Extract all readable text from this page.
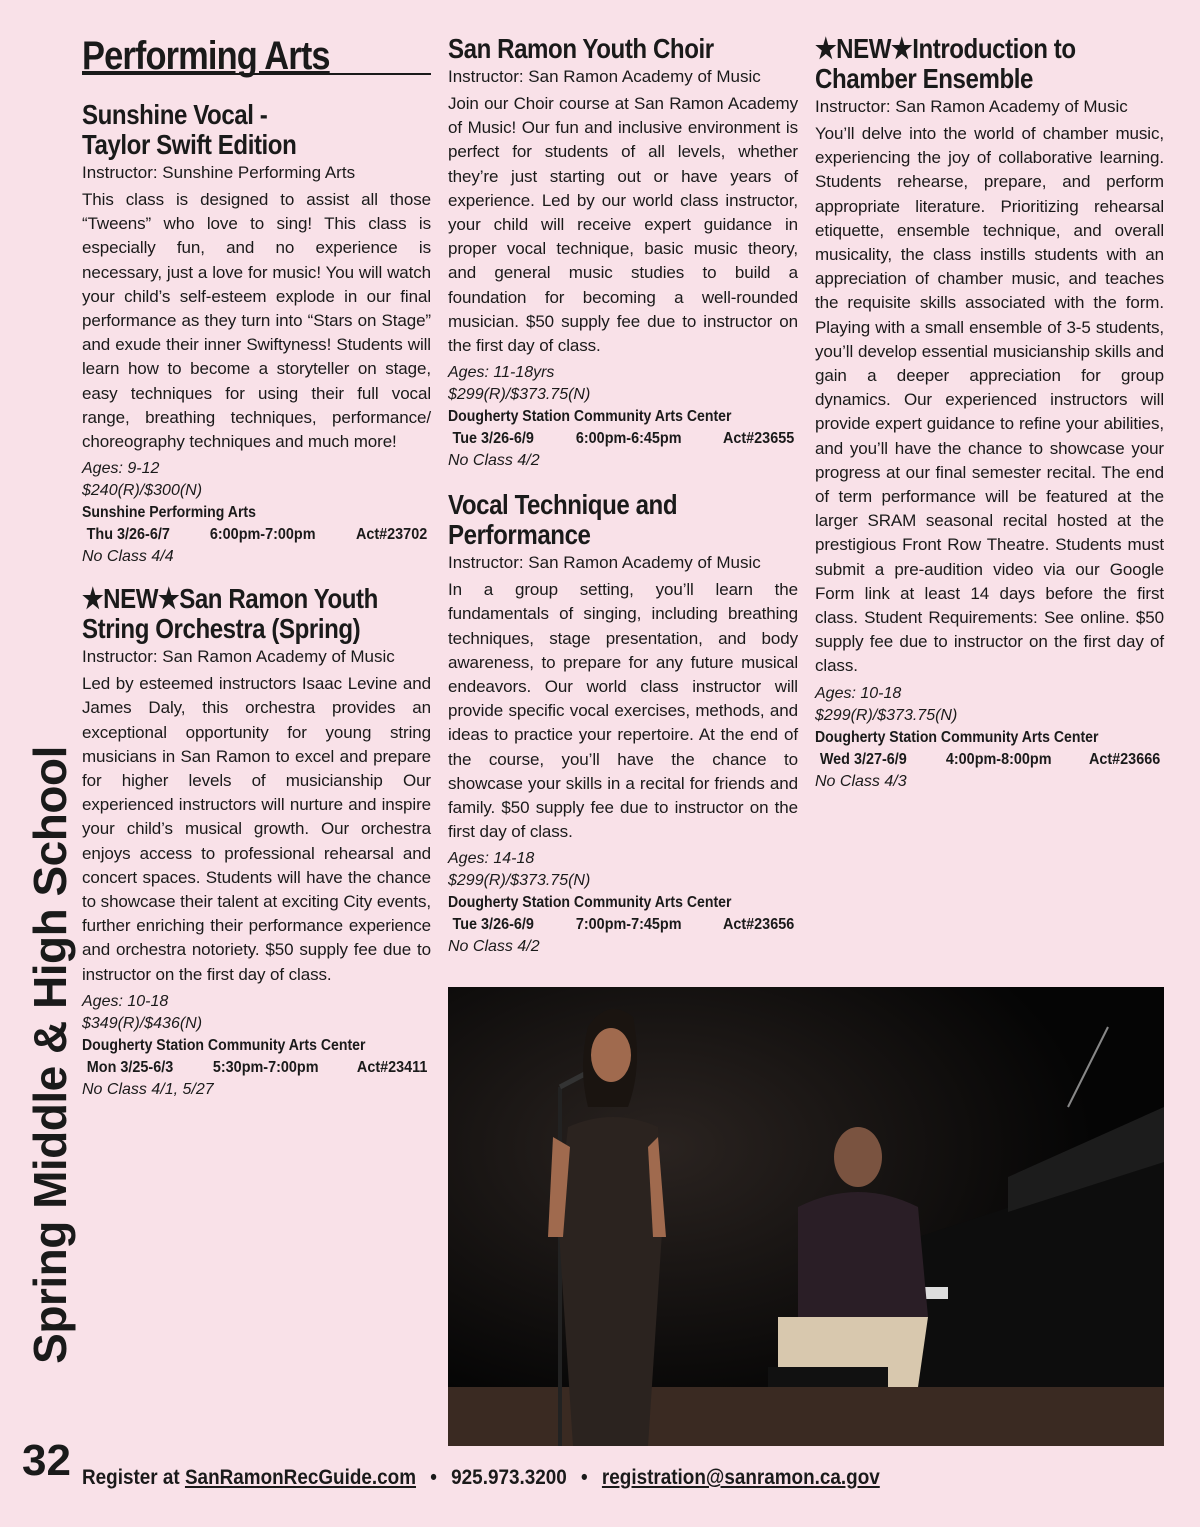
Performing Arts
Sunshine Vocal -
Taylor Swift Edition
Instructor: Sunshine Performing Arts

This class is designed to assist all those “Tweens” who love to sing! This class is especially fun, and no experience is necessary, just a love for music! You will watch your child’s self-esteem explode in our final performance as they turn into “Stars on Stage” and exude their inner Swiftyness! Students will learn how to become a storyteller on stage, easy techniques for using their full vocal range, breathing techniques, performance/ choreography techniques and much more!

Ages: 9-12

$240(R)/$300(N)

Sunshine Performing Arts

Thu 3/26-6/7	6:00pm-7:00pm Act#23702

No Class 4/4

★NEW★San Ramon Youth
String Orchestra (Spring)
Instructor: San Ramon Academy of Music

Led by esteemed instructors Isaac Levine and James Daly, this orchestra provides an exceptional opportunity for young string musicians in San Ramon to excel and prepare for higher levels of musicianship Our experienced instructors will nurture and inspire your child’s musical growth. Our orchestra enjoys access to professional rehearsal and concert spaces. Students will have the chance to showcase their talent at exciting City events, further enriching their performance experience and orchestra notoriety. $50 supply fee due to instructor on the first day of class.

Ages: 10-18

$349(R)/$436(N)

Dougherty Station Community Arts Center

Mon 3/25-6/3 5:30pm-7:00pm Act#23411

No Class 4/1, 5/27

San Ramon Youth Choir
Instructor: San Ramon Academy of Music

Join our Choir course at San Ramon Academy of Music! Our fun and inclusive environment is perfect for students of all levels, whether they’re just starting out or have years of experience. Led by our world class instructor, your child will receive expert guidance in proper vocal technique, basic music theory, and general music studies to build a foundation for becoming a well-rounded musician. $50 supply fee due to instructor on the first day of class.

Ages: 11-18yrs

$299(R)/$373.75(N)

Dougherty Station Community Arts Center

Tue 3/26-6/9	6:00pm-6:45pm	Act#23655

No Class 4/2

Vocal Technique and
Performance
Instructor: San Ramon Academy of Music

In a group setting, you’ll learn the fundamentals of singing, including breathing techniques, stage presentation, and body awareness, to prepare for any future musical endeavors. Our world class instructor will provide specific vocal exercises, methods, and ideas to practice your repertoire. At the end of the course, you’ll have the chance to showcase your skills in a recital for friends and family. $50 supply fee due to instructor on the first day of class.

Ages: 14-18

$299(R)/$373.75(N)

Dougherty Station Community Arts Center

Tue 3/26-6/9	7:00pm-7:45pm	Act#23656

No Class 4/2

★NEW★Introduction to
Chamber Ensemble
Instructor: San Ramon Academy of Music

You’ll delve into the world of chamber music, experiencing the joy of collaborative learning. Students rehearse, prepare, and perform appropriate literature. Prioritizing rehearsal etiquette, ensemble technique, and overall musicality, the class instills students with an appreciation of chamber music, and teaches the requisite skills associated with the form. Playing with a small ensemble of 3-5 students, you’ll develop essential musicianship skills and gain a deeper appreciation for group dynamics. Our experienced instructors will provide expert guidance to refine your abilities, and you’ll have the chance to showcase your progress at our final semester recital. The end of term performance will be featured at the larger SRAM seasonal recital hosted at the prestigious Front Row Theatre. Students must submit a pre-audition video via our Google Form link at least 14 days before the first class. Student Requirements: See online. $50 supply fee due to instructor on the first day of class.

Ages: 10-18

$299(R)/$373.75(N)

Dougherty Station Community Arts Center

Wed 3/27-6/9 4:00pm-8:00pm Act#23666

No Class 4/3

Spring Middle & High School
32 Register at SanRamonRecGuide.com • 925.973.3200 • registration@sanramon.ca.gov
